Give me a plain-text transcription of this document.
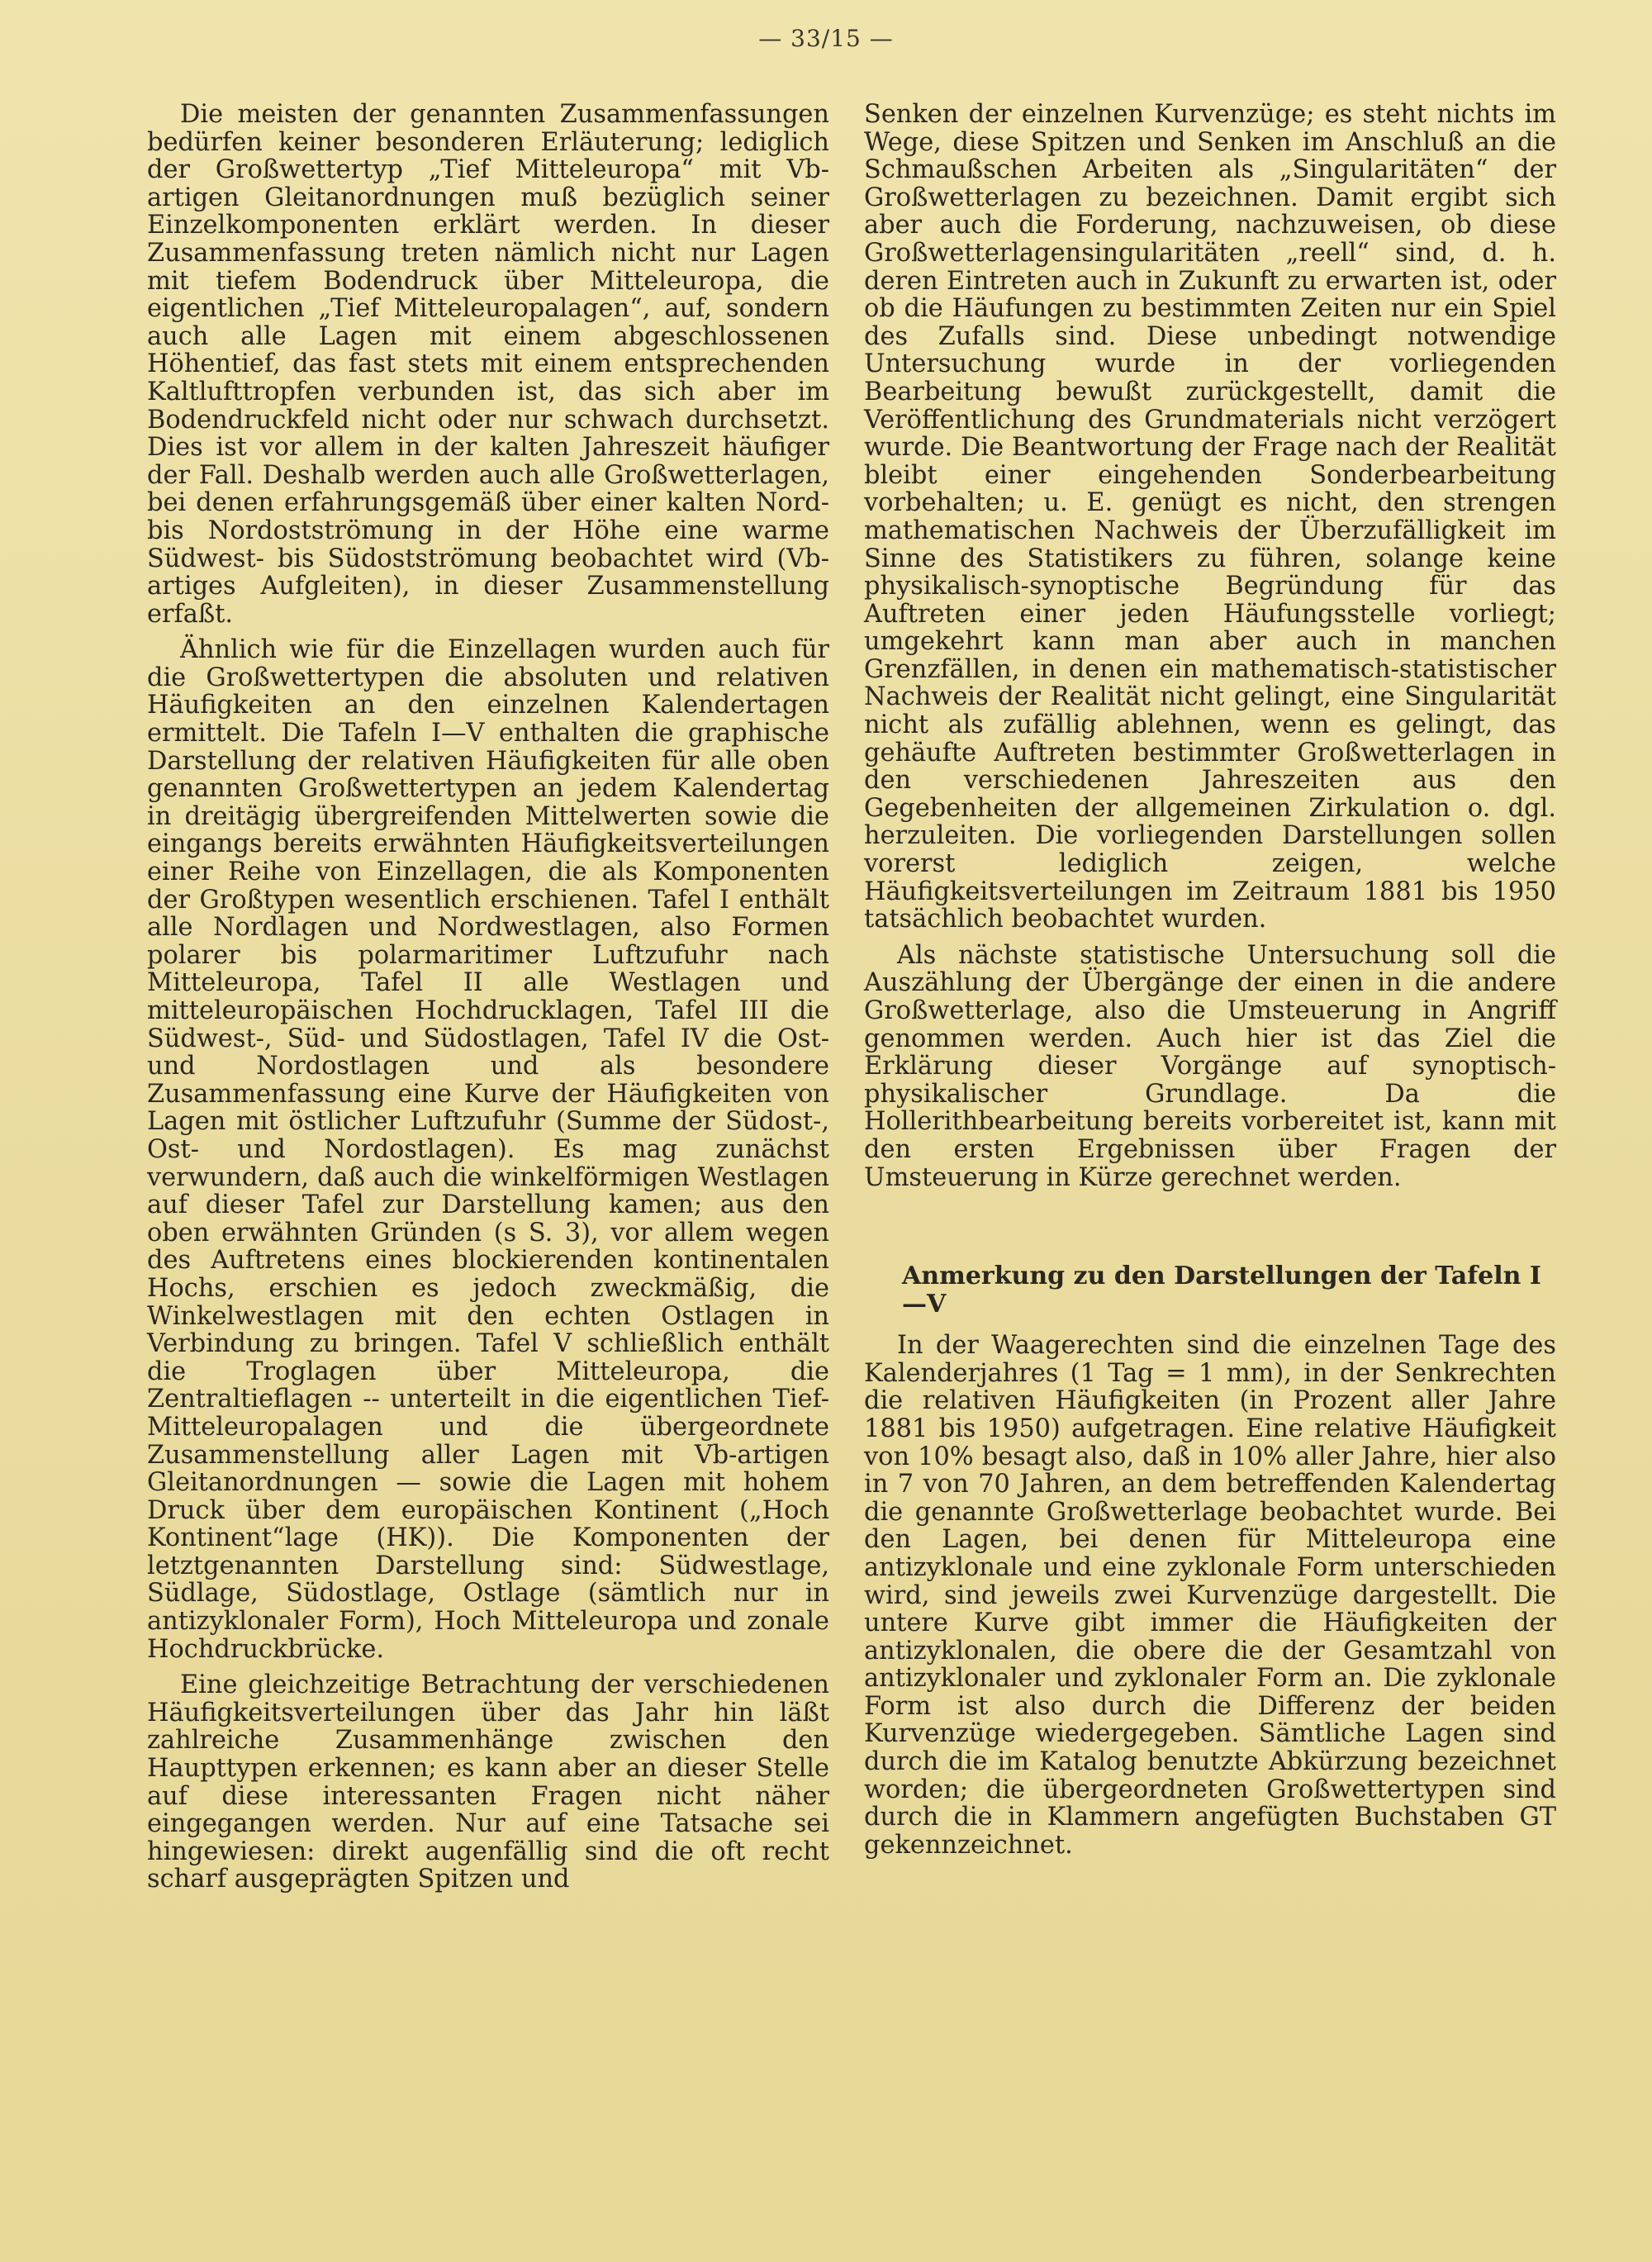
— 33/15 —

Die meisten der genannten Zusammenfassungen bedürfen keiner besonderen Erläuterung; lediglich der Großwettertyp „Tief Mitteleuropa“ mit Vb-artigen Gleitanordnungen muß bezüglich seiner Einzelkomponenten erklärt werden. In dieser Zusammenfassung treten nämlich nicht nur Lagen mit tiefem Bodendruck über Mitteleuropa, die eigentlichen „Tief Mitteleuropalagen“, auf, sondern auch alle Lagen mit einem abgeschlossenen Höhentief, das fast stets mit einem entsprechenden Kaltlufttropfen verbunden ist, das sich aber im Bodendruckfeld nicht oder nur schwach durchsetzt. Dies ist vor allem in der kalten Jahreszeit häufiger der Fall. Deshalb werden auch alle Großwetterlagen, bei denen erfahrungsgemäß über einer kalten Nord- bis Nordostströmung in der Höhe eine warme Südwest- bis Südostströmung beobachtet wird (Vb-artiges Aufgleiten), in dieser Zusammenstellung erfaßt.

Ähnlich wie für die Einzellagen wurden auch für die Großwettertypen die absoluten und relativen Häufigkeiten an den einzelnen Kalendertagen ermittelt. Die Tafeln I—V enthalten die graphische Darstellung der relativen Häufigkeiten für alle oben genannten Großwettertypen an jedem Kalendertag in dreitägig übergreifenden Mittelwerten sowie die eingangs bereits erwähnten Häufigkeitsverteilungen einer Reihe von Einzellagen, die als Komponenten der Großtypen wesentlich erschienen. Tafel I enthält alle Nordlagen und Nordwestlagen, also Formen polarer bis polarmaritimer Luftzufuhr nach Mitteleuropa, Tafel II alle Westlagen und mitteleuropäischen Hochdrucklagen, Tafel III die Südwest-, Süd- und Südostlagen, Tafel IV die Ost- und Nordostlagen und als besondere Zusammenfassung eine Kurve der Häufigkeiten von Lagen mit östlicher Luftzufuhr (Summe der Südost-, Ost- und Nordostlagen). Es mag zunächst verwundern, daß auch die winkelförmigen Westlagen auf dieser Tafel zur Darstellung kamen; aus den oben erwähnten Gründen (s S. 3), vor allem wegen des Auftretens eines blockierenden kontinentalen Hochs, erschien es jedoch zweckmäßig, die Winkelwestlagen mit den echten Ostlagen in Verbindung zu bringen. Tafel V schließlich enthält die Troglagen über Mitteleuropa, die Zentraltieflagen -- unterteilt in die eigentlichen Tief-Mitteleuropalagen und die übergeordnete Zusammenstellung aller Lagen mit Vb-artigen Gleitanordnungen — sowie die Lagen mit hohem Druck über dem europäischen Kontinent („Hoch Kontinent“lage (HK)). Die Komponenten der letztgenannten Darstellung sind: Südwestlage, Südlage, Südostlage, Ostlage (sämtlich nur in antizyklonaler Form), Hoch Mitteleuropa und zonale Hochdruckbrücke.

Eine gleichzeitige Betrachtung der verschiedenen Häufigkeitsverteilungen über das Jahr hin läßt zahlreiche Zusammenhänge zwischen den Haupttypen erkennen; es kann aber an dieser Stelle auf diese interessanten Fragen nicht näher eingegangen werden. Nur auf eine Tatsache sei hingewiesen: direkt augenfällig sind die oft recht scharf ausgeprägten Spitzen und

Senken der einzelnen Kurvenzüge; es steht nichts im Wege, diese Spitzen und Senken im Anschluß an die Schmaußschen Arbeiten als „Singularitäten“ der Großwetterlagen zu bezeichnen. Damit ergibt sich aber auch die Forderung, nachzuweisen, ob diese Großwetterlagensingularitäten „reell“ sind, d. h. deren Eintreten auch in Zukunft zu erwarten ist, oder ob die Häufungen zu bestimmten Zeiten nur ein Spiel des Zufalls sind. Diese unbedingt notwendige Untersuchung wurde in der vorliegenden Bearbeitung bewußt zurückgestellt, damit die Veröffentlichung des Grundmaterials nicht verzögert wurde. Die Beantwortung der Frage nach der Realität bleibt einer eingehenden Sonderbearbeitung vorbehalten; u. E. genügt es nicht, den strengen mathematischen Nachweis der Überzufälligkeit im Sinne des Statistikers zu führen, solange keine physikalisch-synoptische Begründung für das Auftreten einer jeden Häufungsstelle vorliegt; umgekehrt kann man aber auch in manchen Grenzfällen, in denen ein mathematisch-statistischer Nachweis der Realität nicht gelingt, eine Singularität nicht als zufällig ablehnen, wenn es gelingt, das gehäufte Auftreten bestimmter Großwetterlagen in den verschiedenen Jahreszeiten aus den Gegebenheiten der allgemeinen Zirkulation o. dgl. herzuleiten. Die vorliegenden Darstellungen sollen vorerst lediglich zeigen, welche Häufigkeitsverteilungen im Zeitraum 1881 bis 1950 tatsächlich beobachtet wurden.

Als nächste statistische Untersuchung soll die Auszählung der Übergänge der einen in die andere Großwetterlage, also die Umsteuerung in Angriff genommen werden. Auch hier ist das Ziel die Erklärung dieser Vorgänge auf synoptisch-physikalischer Grundlage. Da die Hollerithbearbeitung bereits vorbereitet ist, kann mit den ersten Ergebnissen über Fragen der Umsteuerung in Kürze gerechnet werden.

Anmerkung zu den Darstellungen der Tafeln I—V

In der Waagerechten sind die einzelnen Tage des Kalenderjahres (1 Tag = 1 mm), in der Senkrechten die relativen Häufigkeiten (in Prozent aller Jahre 1881 bis 1950) aufgetragen. Eine relative Häufigkeit von 10% besagt also, daß in 10% aller Jahre, hier also in 7 von 70 Jahren, an dem betreffenden Kalendertag die genannte Großwetterlage beobachtet wurde. Bei den Lagen, bei denen für Mitteleuropa eine antizyklonale und eine zyklonale Form unterschieden wird, sind jeweils zwei Kurvenzüge dargestellt. Die untere Kurve gibt immer die Häufigkeiten der antizyklonalen, die obere die der Gesamtzahl von antizyklonaler und zyklonaler Form an. Die zyklonale Form ist also durch die Differenz der beiden Kurvenzüge wiedergegeben. Sämtliche Lagen sind durch die im Katalog benutzte Abkürzung bezeichnet worden; die übergeordneten Großwettertypen sind durch die in Klammern angefügten Buchstaben GT gekennzeichnet.
